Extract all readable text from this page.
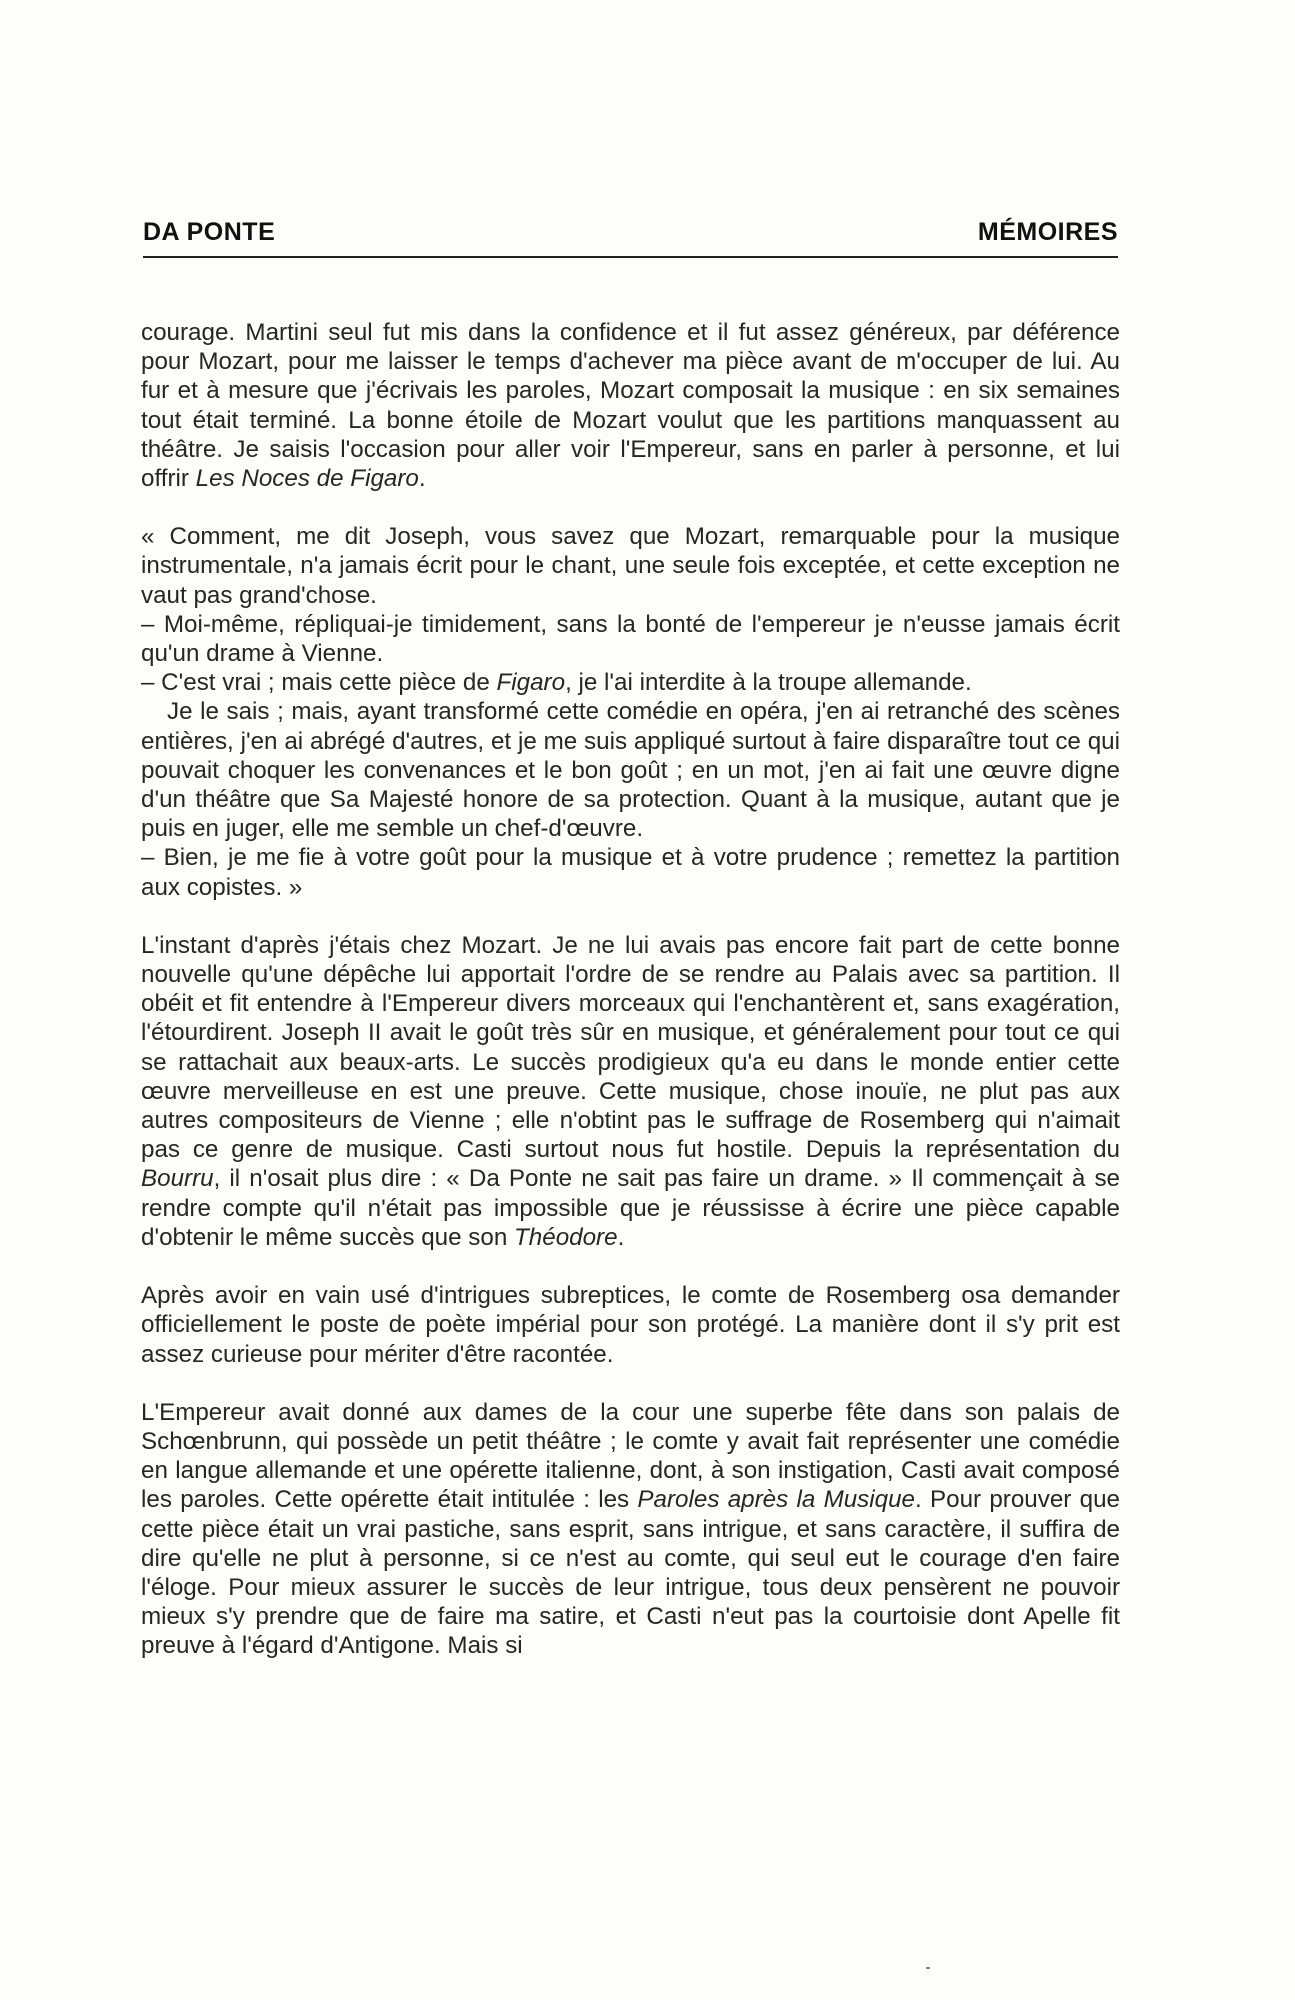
DA PONTE	MÉMOIRES

courage. Martini seul fut mis dans la confidence et il fut assez généreux, par déférence pour Mozart, pour me laisser le temps d'achever ma pièce avant de m'occuper de lui. Au fur et à mesure que j'écrivais les paroles, Mozart composait la musique : en six semaines tout était terminé. La bonne étoile de Mozart voulut que les partitions manquassent au théâtre. Je saisis l'occasion pour aller voir l'Empereur, sans en parler à personne, et lui offrir Les Noces de Figaro.

« Comment, me dit Joseph, vous savez que Mozart, remarquable pour la musique instrumentale, n'a jamais écrit pour le chant, une seule fois exceptée, et cette exception ne vaut pas grand'chose.

– Moi-même, répliquai-je timidement, sans la bonté de l'empereur je n'eusse jamais écrit qu'un drame à Vienne.

– C'est vrai ; mais cette pièce de Figaro, je l'ai interdite à la troupe allemande.

Je le sais ; mais, ayant transformé cette comédie en opéra, j'en ai retranché des scènes entières, j'en ai abrégé d'autres, et je me suis appliqué surtout à faire disparaître tout ce qui pouvait choquer les convenances et le bon goût ; en un mot, j'en ai fait une œuvre digne d'un théâtre que Sa Majesté honore de sa protection. Quant à la musique, autant que je puis en juger, elle me semble un chef-d'œuvre.

– Bien, je me fie à votre goût pour la musique et à votre prudence ; remettez la partition aux copistes. »

L'instant d'après j'étais chez Mozart. Je ne lui avais pas encore fait part de cette bonne nouvelle qu'une dépêche lui apportait l'ordre de se rendre au Palais avec sa partition. Il obéit et fit entendre à l'Empereur divers morceaux qui l'enchantèrent et, sans exagération, l'étourdirent. Joseph II avait le goût très sûr en musique, et généralement pour tout ce qui se rattachait aux beaux-arts. Le succès prodigieux qu'a eu dans le monde entier cette œuvre merveilleuse en est une preuve. Cette musique, chose inouïe, ne plut pas aux autres compositeurs de Vienne ; elle n'obtint pas le suffrage de Rosemberg qui n'aimait pas ce genre de musique. Casti surtout nous fut hostile. Depuis la représentation du Bourru, il n'osait plus dire : « Da Ponte ne sait pas faire un drame. » Il commençait à se rendre compte qu'il n'était pas impossible que je réussisse à écrire une pièce capable d'obtenir le même succès que son Théodore.

Après avoir en vain usé d'intrigues subreptices, le comte de Rosemberg osa demander officiellement le poste de poète impérial pour son protégé. La manière dont il s'y prit est assez curieuse pour mériter d'être racontée.

L'Empereur avait donné aux dames de la cour une superbe fête dans son palais de Schœnbrunn, qui possède un petit théâtre ; le comte y avait fait représenter une comédie en langue allemande et une opérette italienne, dont, à son instigation, Casti avait composé les paroles. Cette opérette était intitulée : les Paroles après la Musique. Pour prouver que cette pièce était un vrai pastiche, sans esprit, sans intrigue, et sans caractère, il suffira de dire qu'elle ne plut à personne, si ce n'est au comte, qui seul eut le courage d'en faire l'éloge. Pour mieux assurer le succès de leur intrigue, tous deux pensèrent ne pouvoir mieux s'y prendre que de faire ma satire, et Casti n'eut pas la courtoisie dont Apelle fit preuve à l'égard d'Antigone. Mais si
